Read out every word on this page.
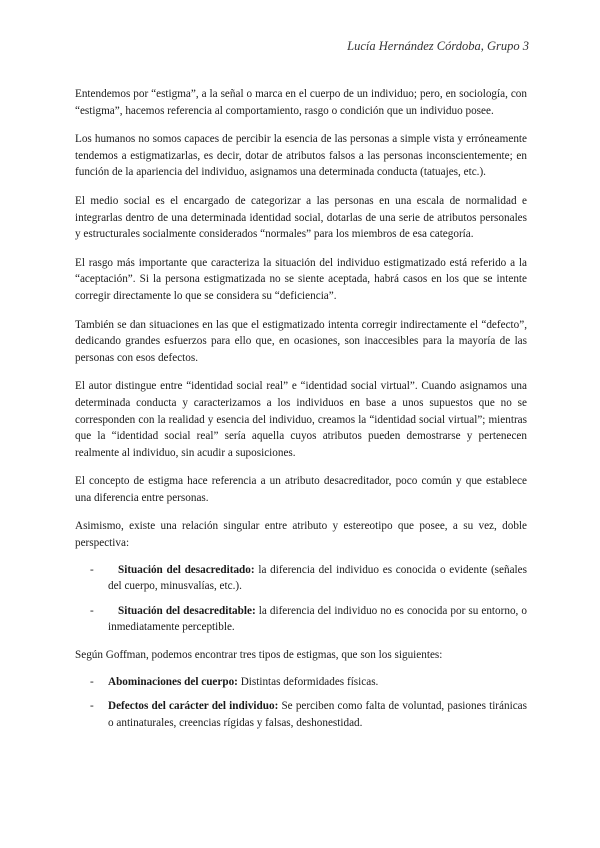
Lucía Hernández Córdoba, Grupo 3

Entendemos por “estigma”, a la señal o marca en el cuerpo de un individuo; pero, en sociología, con “estigma”, hacemos referencia al comportamiento, rasgo o condición que un individuo posee.

Los humanos no somos capaces de percibir la esencia de las personas a simple vista y erróneamente tendemos a estigmatizarlas, es decir, dotar de atributos falsos a las personas inconscientemente; en función de la apariencia del individuo, asignamos una determinada conducta (tatuajes, etc.).

El medio social es el encargado de categorizar a las personas en una escala de normalidad e integrarlas dentro de una determinada identidad social, dotarlas de una serie de atributos personales y estructurales socialmente considerados “normales” para los miembros de esa categoría.

El rasgo más importante que caracteriza la situación del individuo estigmatizado está referido a la “aceptación”. Si la persona estigmatizada no se siente aceptada, habrá casos en los que se intente corregir directamente lo que se considera su “deficiencia”.

También se dan situaciones en las que el estigmatizado intenta corregir indirectamente el “defecto”, dedicando grandes esfuerzos para ello que, en ocasiones, son inaccesibles para la mayoría de las personas con esos defectos.

El autor distingue entre “identidad social real” e “identidad social virtual”. Cuando asignamos una determinada conducta y caracterizamos a los individuos en base a unos supuestos que no se corresponden con la realidad y esencia del individuo, creamos la “identidad social virtual”; mientras que la “identidad social real” sería aquella cuyos atributos pueden demostrarse y pertenecen realmente al individuo, sin acudir a suposiciones.

El concepto de estigma hace referencia a un atributo desacreditador, poco común y que establece una diferencia entre personas.

Asimismo, existe una relación singular entre atributo y estereotipo que posee, a su vez, doble perspectiva:

- Situación del desacreditado: la diferencia del individuo es conocida o evidente (señales del cuerpo, minusvalías, etc.).
- Situación del desacreditable: la diferencia del individuo no es conocida por su entorno, o inmediatamente perceptible.

Según Goffman, podemos encontrar tres tipos de estigmas, que son los siguientes:

- Abominaciones del cuerpo: Distintas deformidades físicas.
- Defectos del carácter del individuo: Se perciben como falta de voluntad, pasiones tiránicas o antinaturales, creencias rígidas y falsas, deshonestidad.
